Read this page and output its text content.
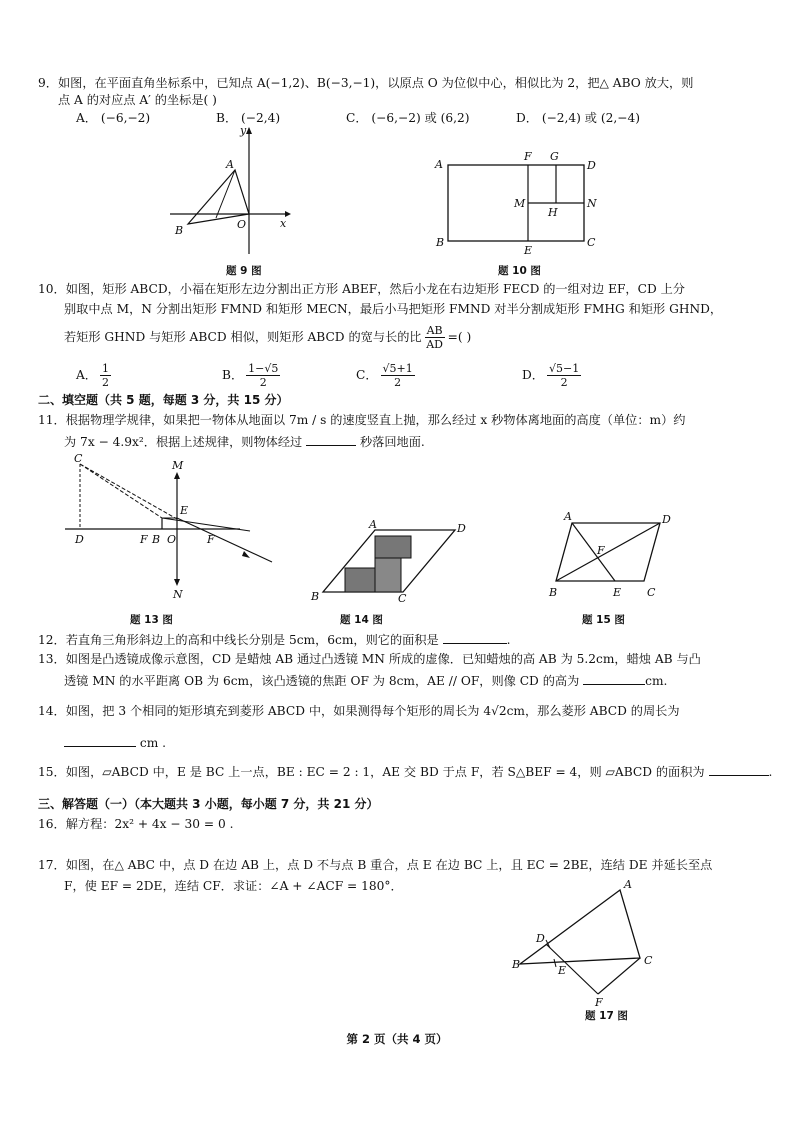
9．如图，在平面直角坐标系中，已知点 A(−1,2)、B(−3,−1)，以原点 O 为位似中心，相似比为 2，把△ ABO 放大，则
点 A 的对应点 A′ 的坐标是( )
A． (−6,−2)	B． (−2,4)	C． (−6,−2) 或 (6,2)	D． (−2,4) 或 (2,−4)
y
x
A
B	O
题 9 图
A
F G
D
M
H
N
B
E
C
题 10 图
10．如图，矩形 ABCD，小福在矩形左边分割出正方形 ABEF，然后小龙在右边矩形 FECD 的一组对边 EF，CD 上分
别取中点 M，N 分割出矩形 FMND 和矩形 MECN，最后小马把矩形 FMND 对半分割成矩形 FMHG 和矩形 GHND，
若矩形 GHND 与矩形 ABCD 相似，则矩形 ABCD 的宽与长的比 $\frac{AB}{AD}$ =( )
A． $\frac{1}{2}$	B． $\frac{1-√5}{2}$	C． $\frac{√5+1}{2}$	D． $\frac{√5-1}{2}$
二、填空题（共 5 题，每题 3 分，共 15 分）
11．根据物理学规律，如果把一物体从地面以 7m / s 的速度竖直上抛，那么经过 x 秒物体离地面的高度（单位：m）约
为 7x − 4.9x²．根据上述规律，则物体经过	秒落回地面.
C
M
E
D	F B O	F
N
题 13 图
A	D
B	C
题 14 图
A	D
F
B	E C
题 15 图
12．若直角三角形斜边上的高和中线长分别是 5cm，6cm，则它的面积是	.
13．如图是凸透镜成像示意图，CD 是蜡烛 AB 通过凸透镜 MN 所成的虚像．已知蜡烛的高 AB 为 5.2cm，蜡烛 AB 与凸
透镜 MN 的水平距离 OB 为 6cm，该凸透镜的焦距 OF 为 8cm，AE // OF，则像 CD 的高为	cm.
14．如图，把 3 个相同的矩形填充到菱形 ABCD 中，如果测得每个矩形的周长为 4√2cm，那么菱形 ABCD 的周长为
cm .
15．如图，▱ABCD 中，E 是 BC 上一点，BE : EC = 2 : 1，AE 交 BD 于点 F，若 S△BEF = 4，则 ▱ABCD 的面积为	.
三、解答题（一）（本大题共 3 小题，每小题 7 分，共 21 分）
16．解方程：2x² + 4x − 30 = 0 .
17．如图，在△ ABC 中，点 D 在边 AB 上，点 D 不与点 B 重合，点 E 在边 BC 上，且 EC = 2BE，连结 DE 并延长至点
F，使 EF = 2DE，连结 CF．求证：∠A + ∠ACF = 180°．	A
D
B	E
C
F
题 17 图
第 2 页（共 4 页）
